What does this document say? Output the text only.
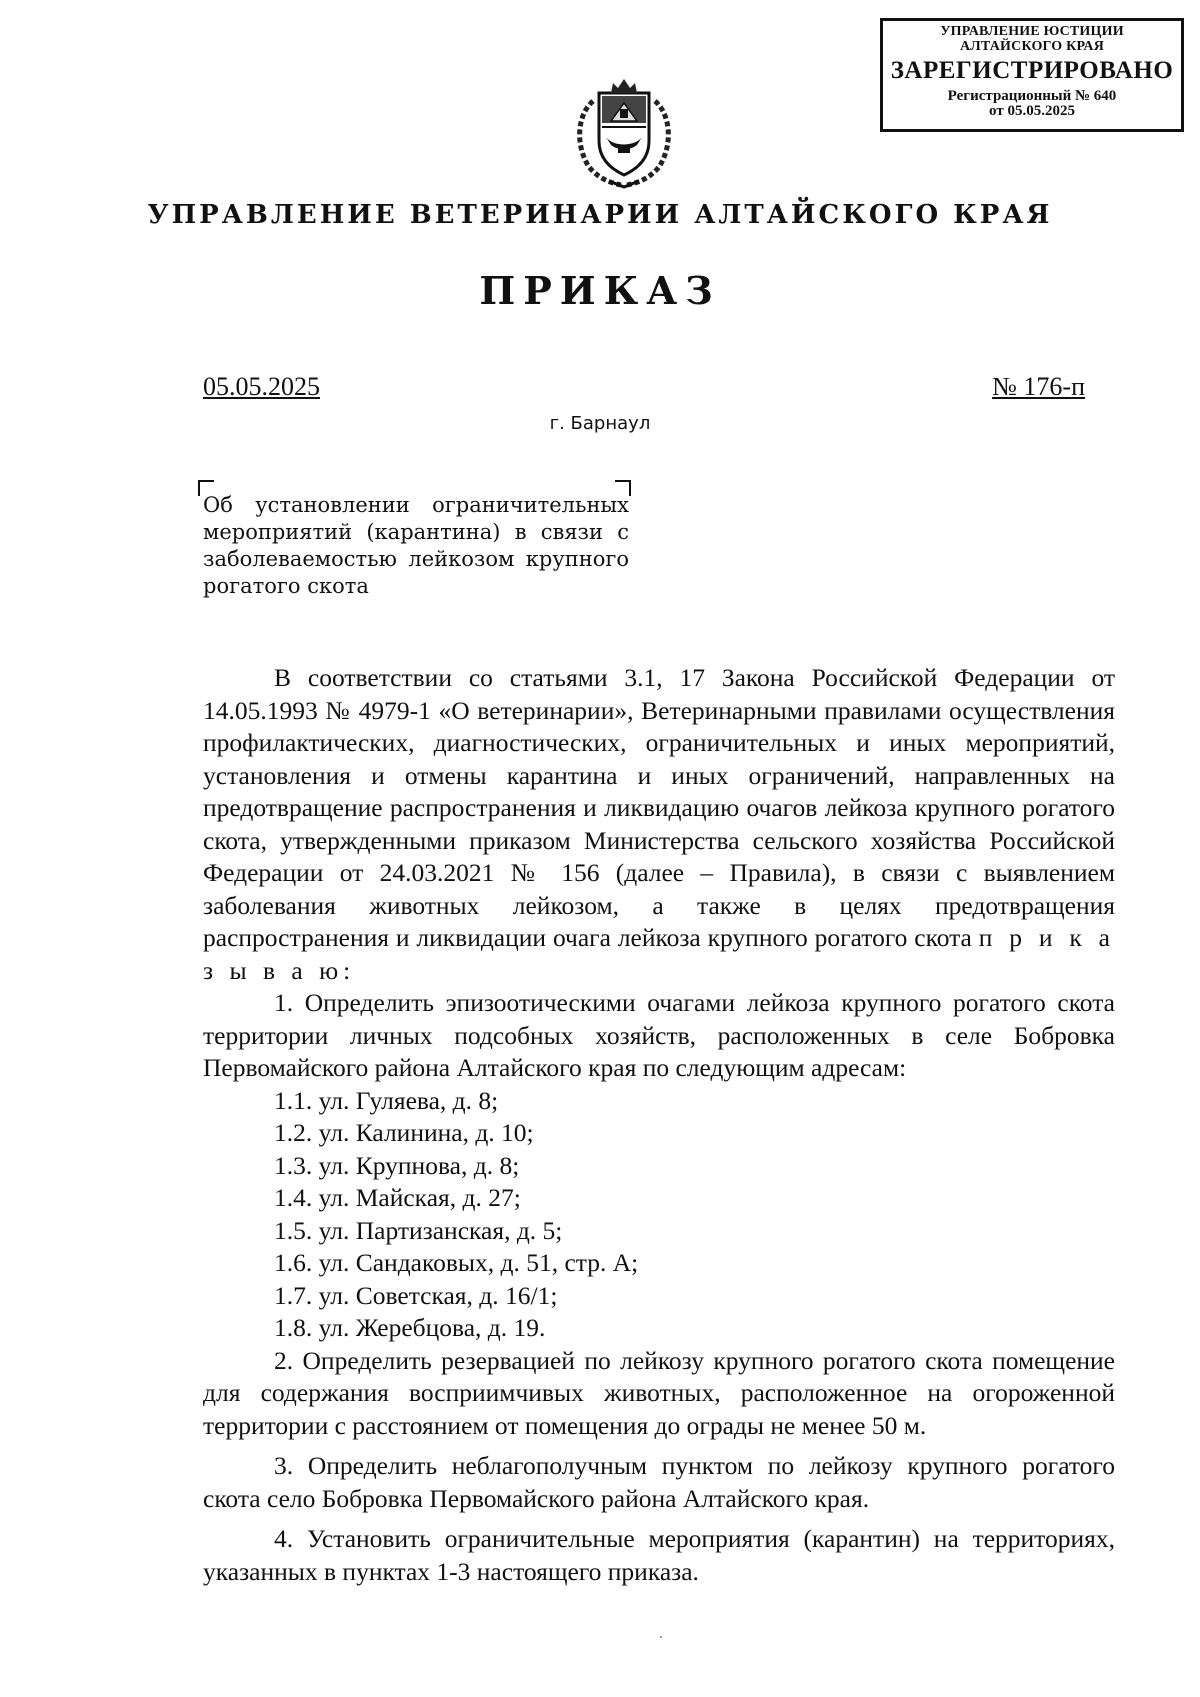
УПРАВЛЕНИЕ ЮСТИЦИИ
АЛТАЙСКОГО КРАЯ
ЗАРЕГИСТРИРОВАНО
Регистрационный № 640
от 05.05.2025
УПРАВЛЕНИЕ ВЕТЕРИНАРИИ АЛТАЙСКОГО КРАЯ
ПРИКАЗ
05.05.2025	№ 176-п
г. Барнаул
Об установлении ограничительных мероприятий (карантина) в связи с заболеваемостью лейкозом крупного рогатого скота

В соответствии со статьями 3.1, 17 Закона Российской Федерации от 14.05.1993 № 4979-1 «О ветеринарии», Ветеринарными правилами осуществления профилактических, диагностических, ограничительных и иных мероприятий, установления и отмены карантина и иных ограничений, направленных на предотвращение распространения и ликвидацию очагов лейкоза крупного рогатого скота, утвержденными приказом Министерства сельского хозяйства Российской Федерации от 24.03.2021 № 156 (далее – Правила), в связи с выявлением заболевания животных лейкозом, а также в целях предотвращения распространения и ликвидации очага лейкоза крупного рогатого скота п р и к а з ы в а ю:

1. Определить эпизоотическими очагами лейкоза крупного рогатого скота территории личных подсобных хозяйств, расположенных в селе Бобровка Первомайского района Алтайского края по следующим адресам:

1.1. ул. Гуляева, д. 8;
1.2. ул. Калинина, д. 10;
1.3. ул. Крупнова, д. 8;
1.4. ул. Майская, д. 27;
1.5. ул. Партизанская, д. 5;
1.6. ул. Сандаковых, д. 51, стр. А;
1.7. ул. Советская, д. 16/1;
1.8. ул. Жеребцова, д. 19.

2. Определить резервацией по лейкозу крупного рогатого скота помещение для содержания восприимчивых животных, расположенное на огороженной территории с расстоянием от помещения до ограды не менее 50 м.

3. Определить неблагополучным пунктом по лейкозу крупного рогатого скота село Бобровка Первомайского района Алтайского края.

4. Установить ограничительные мероприятия (карантин) на территориях, указанных в пунктах 1-3 настоящего приказа.
